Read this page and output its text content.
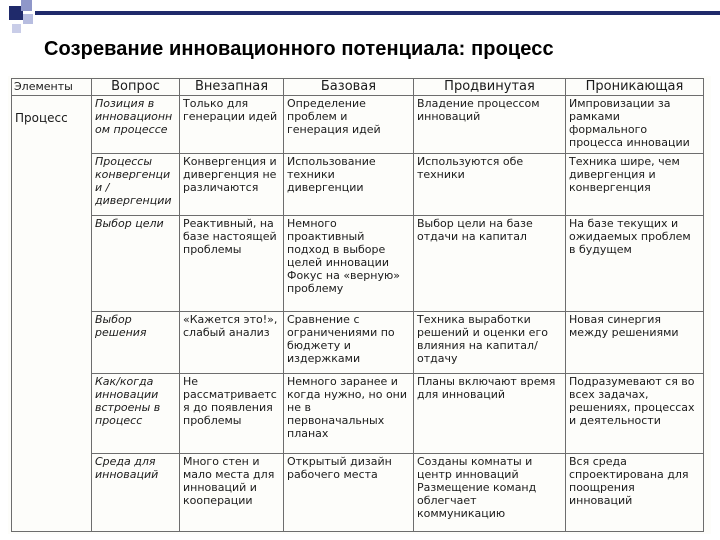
Созревание инновационного потенциала: процесс
Элементы	Вопрос	Внезапная	Базовая	Продвинутая	Проникающая
Процесс	Позиция в инновационном процессе	Только для генерации идей	Определение проблем и генерация идей	Владение процессом инноваций	Импровизации за рамками формального процесса инновации
	Процессы конвергенции / дивергенции	Конвергенция и дивергенция не различаются	Использование техники дивергенции	Используются обе техники	Техника шире, чем дивергенция и конвергенция
	Выбор цели	Реактивный, на базе настоящей проблемы	Немного проактивный подход в выборе целей инновации Фокус на «верную» проблему	Выбор цели на базе отдачи на капитал	На базе текущих и ожидаемых проблем в будущем
	Выбор решения	«Кажется это!», слабый анализ	Сравнение с ограничениями по бюджету и издержками	Техника выработки решений и оценки его влияния на капитал/отдачу	Новая синергия между решениями
	Как/когда инновации встроены в процесс	Не рассматривается до появления проблемы	Немного заранее и когда нужно, но они не в первоначальных планах	Планы включают время для инноваций	Подразумевают ся во всех задачах, решениях, процессах и деятельности
	Среда для инноваций	Много стен и мало места для инноваций и кооперации	Открытый дизайн рабочего места	Созданы комнаты и центр инноваций Размещение команд облегчает коммуникацию	Вся среда спроектирована для поощрения инноваций
